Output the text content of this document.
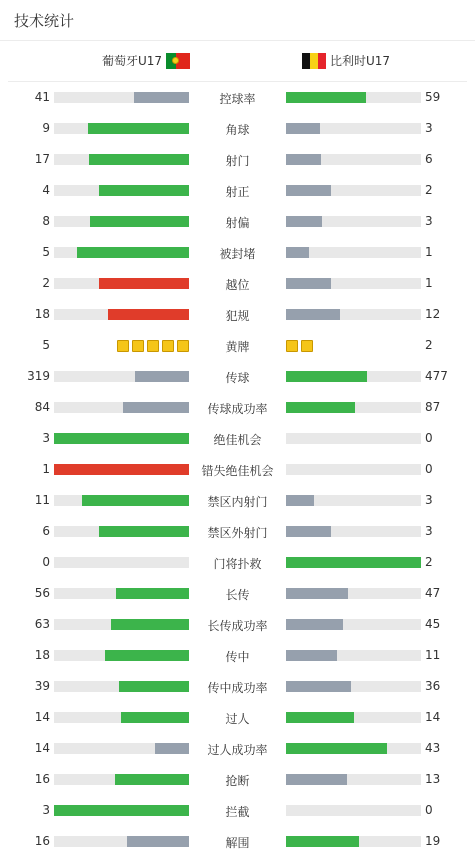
技术统计
葡萄牙U17	比利时U17
41	控球率	59
9	角球	3
17	射门	6
4	射正	2
8	射偏	3
5	被封堵	1
2	越位	1
18	犯规	12
5	黄牌	2
319	传球	477
84	传球成功率	87
3	绝佳机会	0
1	错失绝佳机会	0
11	禁区内射门	3
6	禁区外射门	3
0	门将扑救	2
56	长传	47
63	长传成功率	45
18	传中	11
39	传中成功率	36
14	过人	14
14	过人成功率	43
16	抢断	13
3	拦截	0
16	解围	19
